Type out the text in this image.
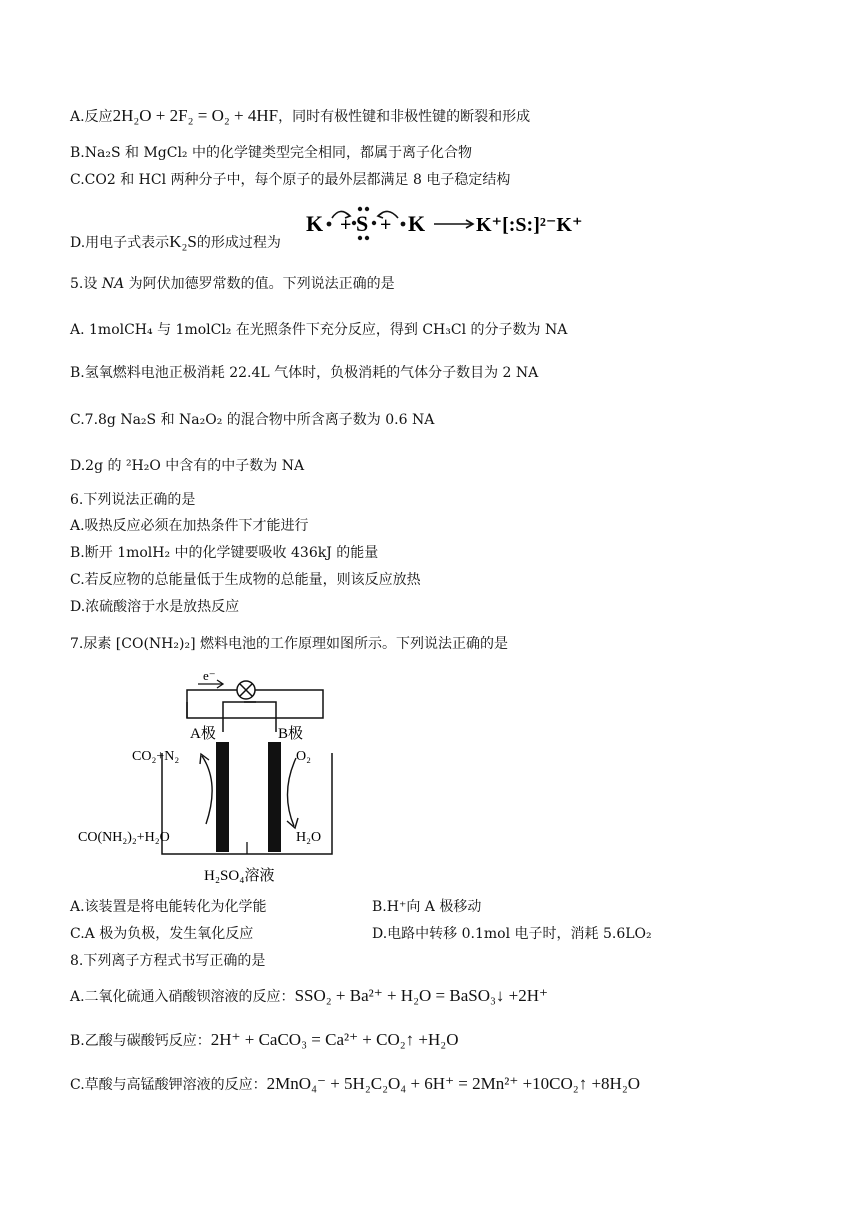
A.反应2H₂O + 2F₂ = O₂ + 4HF，同时有极性键和非极性键的断裂和形成
B.Na₂S 和 MgCl₂ 中的化学键类型完全相同，都属于离子化合物
C.CO2 和 HCl 两种分子中，每个原子的最外层都满足 8 电子稳定结构
D.用电子式表示K₂S的形成过程为
K + S + K	K⁺[:S:]²⁻K⁺
5.设 NA 为阿伏加德罗常数的值。下列说法正确的是
A. 1molCH₄ 与 1molCl₂ 在光照条件下充分反应，得到 CH₃Cl 的分子数为 NA
B.氢氧燃料电池正极消耗 22.4L 气体时，负极消耗的气体分子数目为 2 NA
C.7.8g Na₂S 和 Na₂O₂ 的混合物中所含离子数为 0.6 NA
D.2g 的 ²H₂O 中含有的中子数为 NA
6.下列说法正确的是
A.吸热反应必须在加热条件下才能进行
B.断开 1molH₂ 中的化学键要吸收 436kJ 的能量
C.若反应物的总能量低于生成物的总能量，则该反应放热
D.浓硫酸溶于水是放热反应
7.尿素 [CO(NH₂)₂] 燃料电池的工作原理如图所示。下列说法正确的是
e⁻
A极	B极
CO₂+N₂
CO(NH₂)₂+H₂O
O₂
H₂O
H₂SO₄溶液
A.该装置是将电能转化为化学能	B.H⁺向 A 极移动
C.A 极为负极，发生氧化反应	D.电路中转移 0.1mol 电子时，消耗 5.6LO₂
8.下列离子方程式书写正确的是
A.二氧化硫通入硝酸钡溶液的反应：SSO₂ + Ba²⁺ + H₂O = BaSO₃↓ +2H⁺
B.乙酸与碳酸钙反应：2H⁺ + CaCO₃ = Ca²⁺ + CO₂↑ +H₂O
C.草酸与高锰酸钾溶液的反应：2MnO₄⁻ + 5H₂C₂O₄ + 6H⁺ = 2Mn²⁺ +10CO₂↑ +8H₂O
